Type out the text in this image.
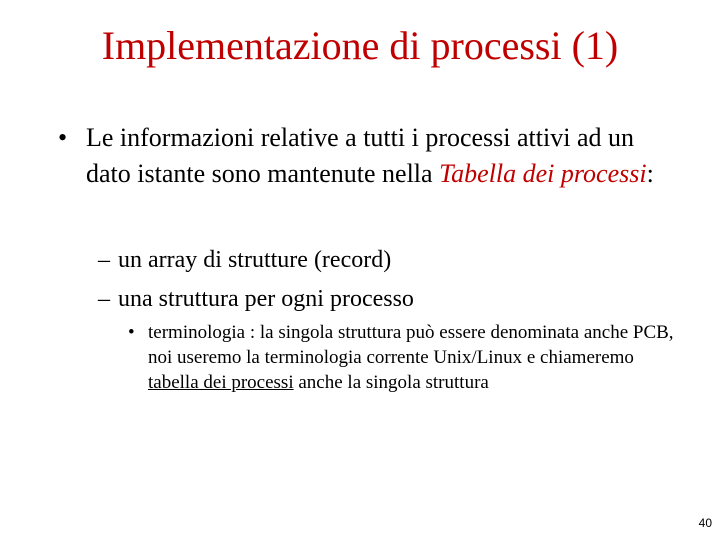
Implementazione di processi (1)
• Le informazioni relative a tutti i processi attivi ad un dato istante sono mantenute nella Tabella dei processi:
– un array di strutture (record)
– una struttura per ogni processo
• terminologia : la singola struttura può essere denominata anche PCB, noi useremo la terminologia corrente Unix/Linux e chiameremo tabella dei processi anche la singola struttura
40
